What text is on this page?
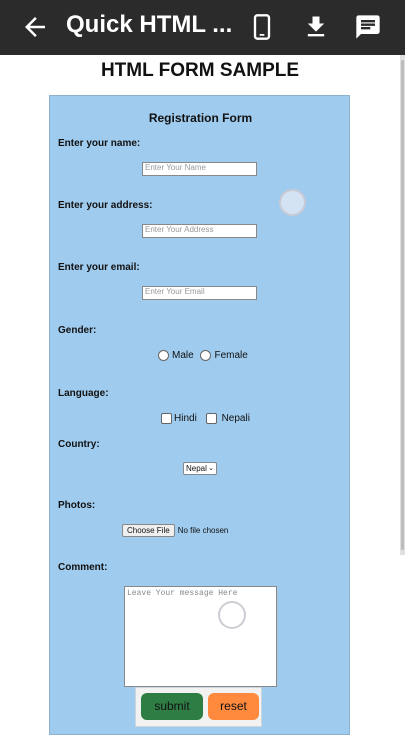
Quick HTML ...
HTML FORM SAMPLE
Registration Form
Enter your name:
Enter Your Name
Enter your address:
Enter Your Address
Enter your email:
Enter Your Email
Gender:
Male Female
Language:
Hindi Nepali
Country:
Nepal ⌄
Photos:
Choose File No file chosen
Comment:
Leave Your message Here
submit	reset
